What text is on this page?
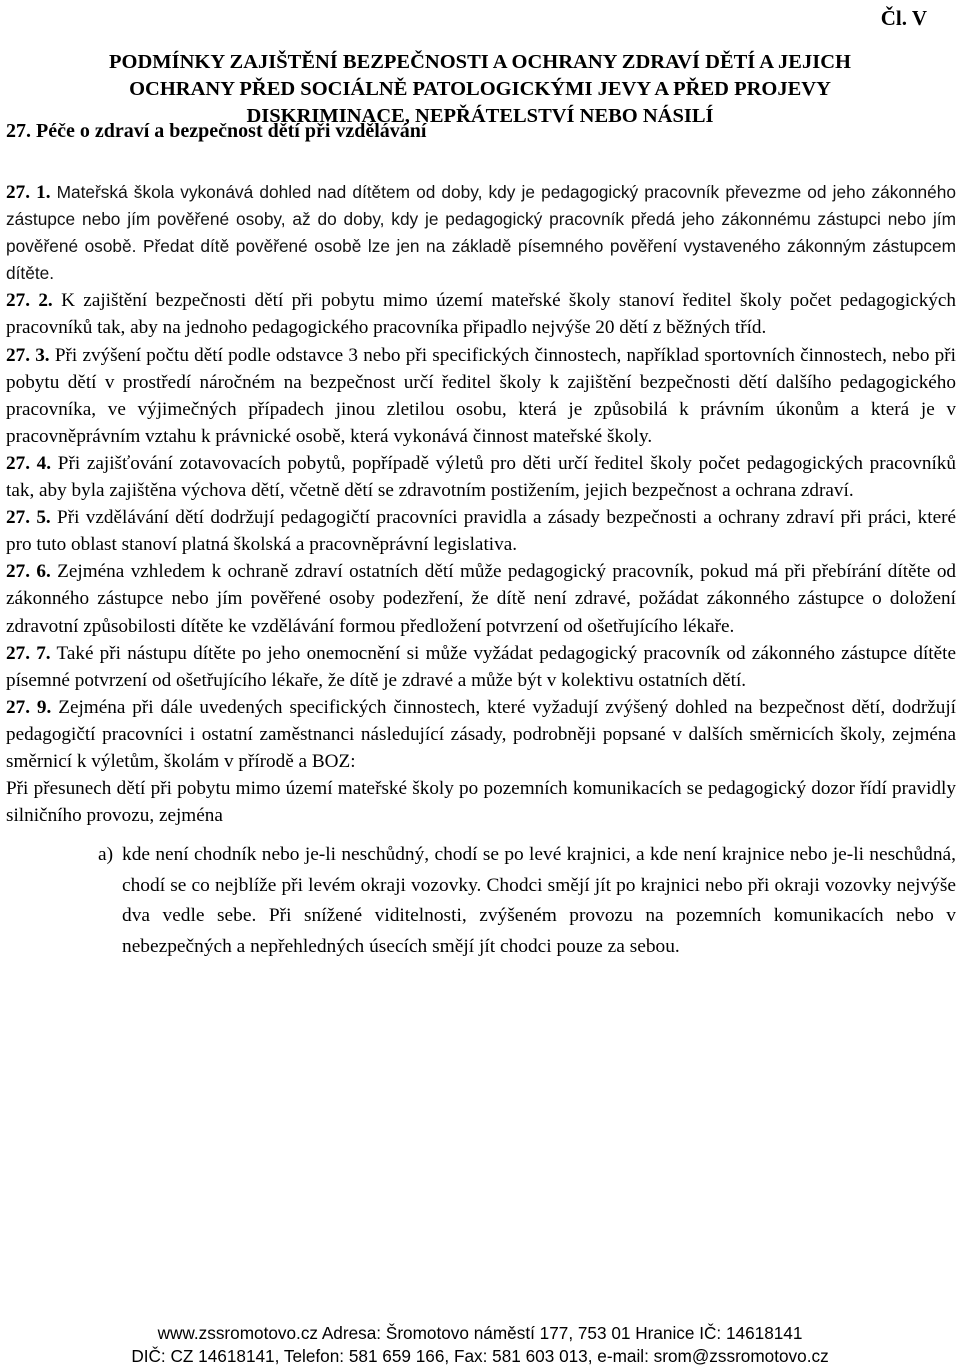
Čl. V
PODMÍNKY ZAJIŠTĚNÍ BEZPEČNOSTI A OCHRANY ZDRAVÍ DĚTÍ A JEJICH
OCHRANY PŘED SOCIÁLNĚ PATOLOGICKÝMI JEVY A PŘED PROJEVY
DISKRIMINACE, NEPŘÁTELSTVÍ NEBO NÁSILÍ
27. Péče o zdraví a bezpečnost dětí při vzdělávání

27. 1. Mateřská škola vykonává dohled nad dítětem od doby, kdy je pedagogický pracovník převezme od jeho zákonného zástupce nebo jím pověřené osoby, až do doby, kdy je pedagogický pracovník předá jeho zákonnému zástupci nebo jím pověřené osobě. Předat dítě pověřené osobě lze jen na základě písemného pověření vystaveného zákonným zástupcem dítěte.

27. 2. K zajištění bezpečnosti dětí při pobytu mimo území mateřské školy stanoví ředitel školy počet pedagogických pracovníků tak, aby na jednoho pedagogického pracovníka připadlo nejvýše 20 dětí z běžných tříd.

27. 3. Při zvýšení počtu dětí podle odstavce 3 nebo při specifických činnostech, například sportovních činnostech, nebo při pobytu dětí v prostředí náročném na bezpečnost určí ředitel školy k zajištění bezpečnosti dětí dalšího pedagogického pracovníka, ve výjimečných případech jinou zletilou osobu, která je způsobilá k právním úkonům a která je v pracovněprávním vztahu k právnické osobě, která vykonává činnost mateřské školy.

27. 4. Při zajišťování zotavovacích pobytů, popřípadě výletů pro děti určí ředitel školy počet pedagogických pracovníků tak, aby byla zajištěna výchova dětí, včetně dětí se zdravotním postižením, jejich bezpečnost a ochrana zdraví.

27. 5. Při vzdělávání dětí dodržují pedagogičtí pracovníci pravidla a zásady bezpečnosti a ochrany zdraví při práci, které pro tuto oblast stanoví platná školská a pracovněprávní legislativa.

27. 6. Zejména vzhledem k ochraně zdraví ostatních dětí může pedagogický pracovník, pokud má při přebírání dítěte od zákonného zástupce nebo jím pověřené osoby podezření, že dítě není zdravé, požádat zákonného zástupce o doložení zdravotní způsobilosti dítěte ke vzdělávání formou předložení potvrzení od ošetřujícího lékaře.

27. 7. Také při nástupu dítěte po jeho onemocnění si může vyžádat pedagogický pracovník od zákonného zástupce dítěte písemné potvrzení od ošetřujícího lékaře, že dítě je zdravé a může být v kolektivu ostatních dětí.

27. 9. Zejména při dále uvedených specifických činnostech, které vyžadují zvýšený dohled na bezpečnost dětí, dodržují pedagogičtí pracovníci i ostatní zaměstnanci následující zásady, podrobněji popsané v dalších směrnicích školy, zejména směrnicí k výletům, školám v přírodě a BOZ:

Při přesunech dětí při pobytu mimo území mateřské školy po pozemních komunikacích se pedagogický dozor řídí pravidly silničního provozu, zejména

a) kde není chodník nebo je-li neschůdný, chodí se po levé krajnici, a kde není krajnice nebo je-li neschůdná, chodí se co nejblíže při levém okraji vozovky. Chodci smějí jít po krajnici nebo při okraji vozovky nejvýše dva vedle sebe. Při snížené viditelnosti, zvýšeném provozu na pozemních komunikacích nebo v nebezpečných a nepřehledných úsecích smějí jít chodci pouze za sebou.
www.zssromotovo.cz Adresa: Šromotovo náměstí 177, 753 01 Hranice IČ: 14618141
DIČ: CZ 14618141, Telefon: 581 659 166, Fax: 581 603 013, e-mail: srom@zssromotovo.cz
